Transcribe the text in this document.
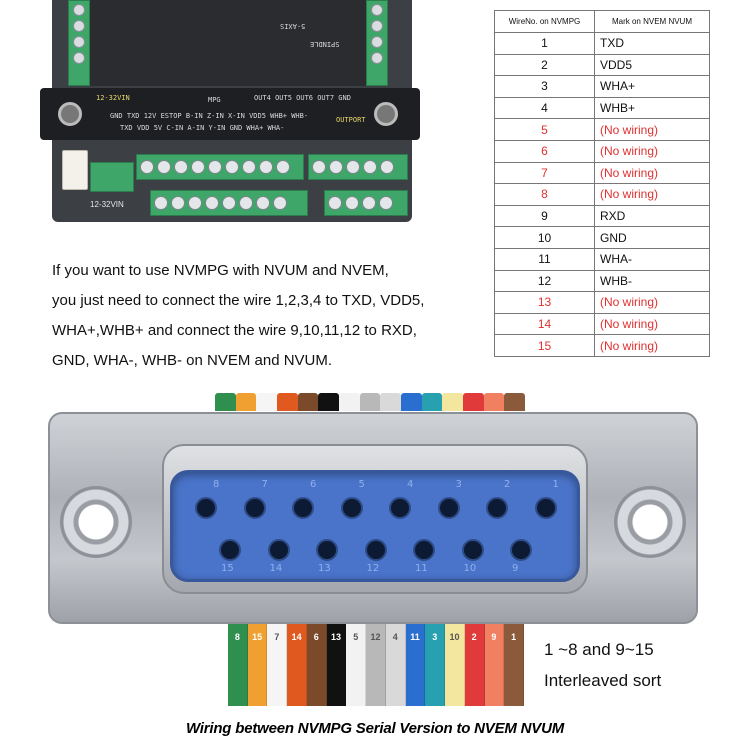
5-AXIS
SPINDLE
12-32VIN	MPG	OUT4 OUT5 OUT6 OUT7 GND
GND TXD 12V ESTOP B-IN Z-IN X-IN VDD5 WHB+ WHB-
TXD VDD 5V C-IN A-IN Y-IN GND WHA+ WHA-
OUTPORT
12-32VIN
WireNo. on NVMPG	Mark on NVEM NVUM
1	TXD
2	VDD5
3	WHA+
4	WHB+
5	(No wiring)
6	(No wiring)
7	(No wiring)
8	(No wiring)
9	RXD
10	GND
11	WHA-
12	WHB-
13	(No wiring)
14	(No wiring)
15	(No wiring)
If you want to use NVMPG with NVUM and NVEM,
you just need to connect the wire 1,2,3,4 to TXD, VDD5,
WHA+,WHB+ and connect the wire 9,10,11,12 to RXD,
GND, WHA-, WHB- on NVEM and NVUM.
8	7	6	5	4	3	2	1
15	14	13	12	11	10	9
8	15	7	14	6	13	5	12	4	11	3	10	2	9	1
1 ~8 and 9~15
Interleaved sort
Wiring between NVMPG Serial Version to NVEM NVUM
